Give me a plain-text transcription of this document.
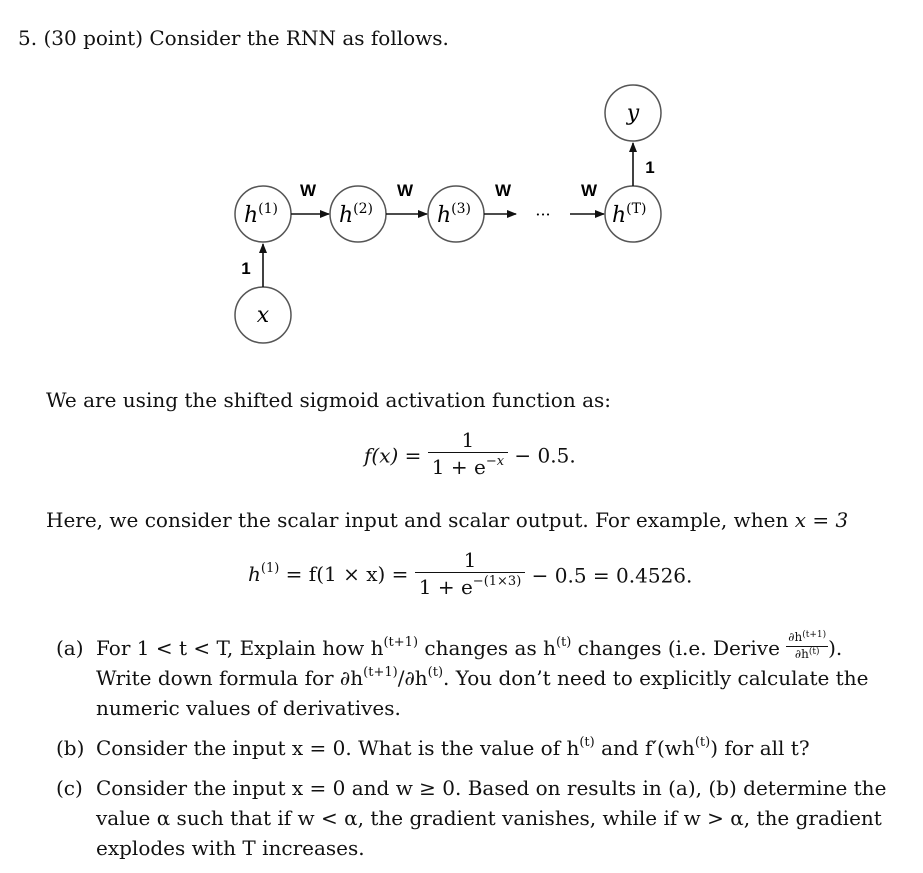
5. (30 point) Consider the RNN as follows.
$h^{(1)}$	$h^{(2)}$	$h^{(3)}$	$h^{(T)}$
x
y
···
W	W	W	W
1
1
We are using the shifted sigmoid activation function as:
$f(x) = \frac{1}{1 + e^{-x}} - 0.5$.
Here, we consider the scalar input and scalar output. For example, when x = 3
$h^{(1)} = f(1 \times x) = \frac{1}{1 + e^{-(1\times 3)}} - 0.5 = 0.4526$.
(a) For 1 < t < T, Explain how $h^{(t+1)}$ changes as $h^{(t)}$ changes (i.e. Derive $\frac{\partial h^{(t+1)}}{\partial h^{(t)}}$ ).
Write down formula for $\partial h^{(t+1)}/\partial h^{(t)}$. You don’t need to explicitly calculate the
numeric values of derivatives.
(b) Consider the input x = 0. What is the value of $h^{(t)}$ and $f'(wh^{(t)})$ for all t?
(c) Consider the input x = 0 and w ≥ 0. Based on results in (a), (b) determine the
value α such that if w < α, the gradient vanishes, while if w > α, the gradient
explodes with T increases.
